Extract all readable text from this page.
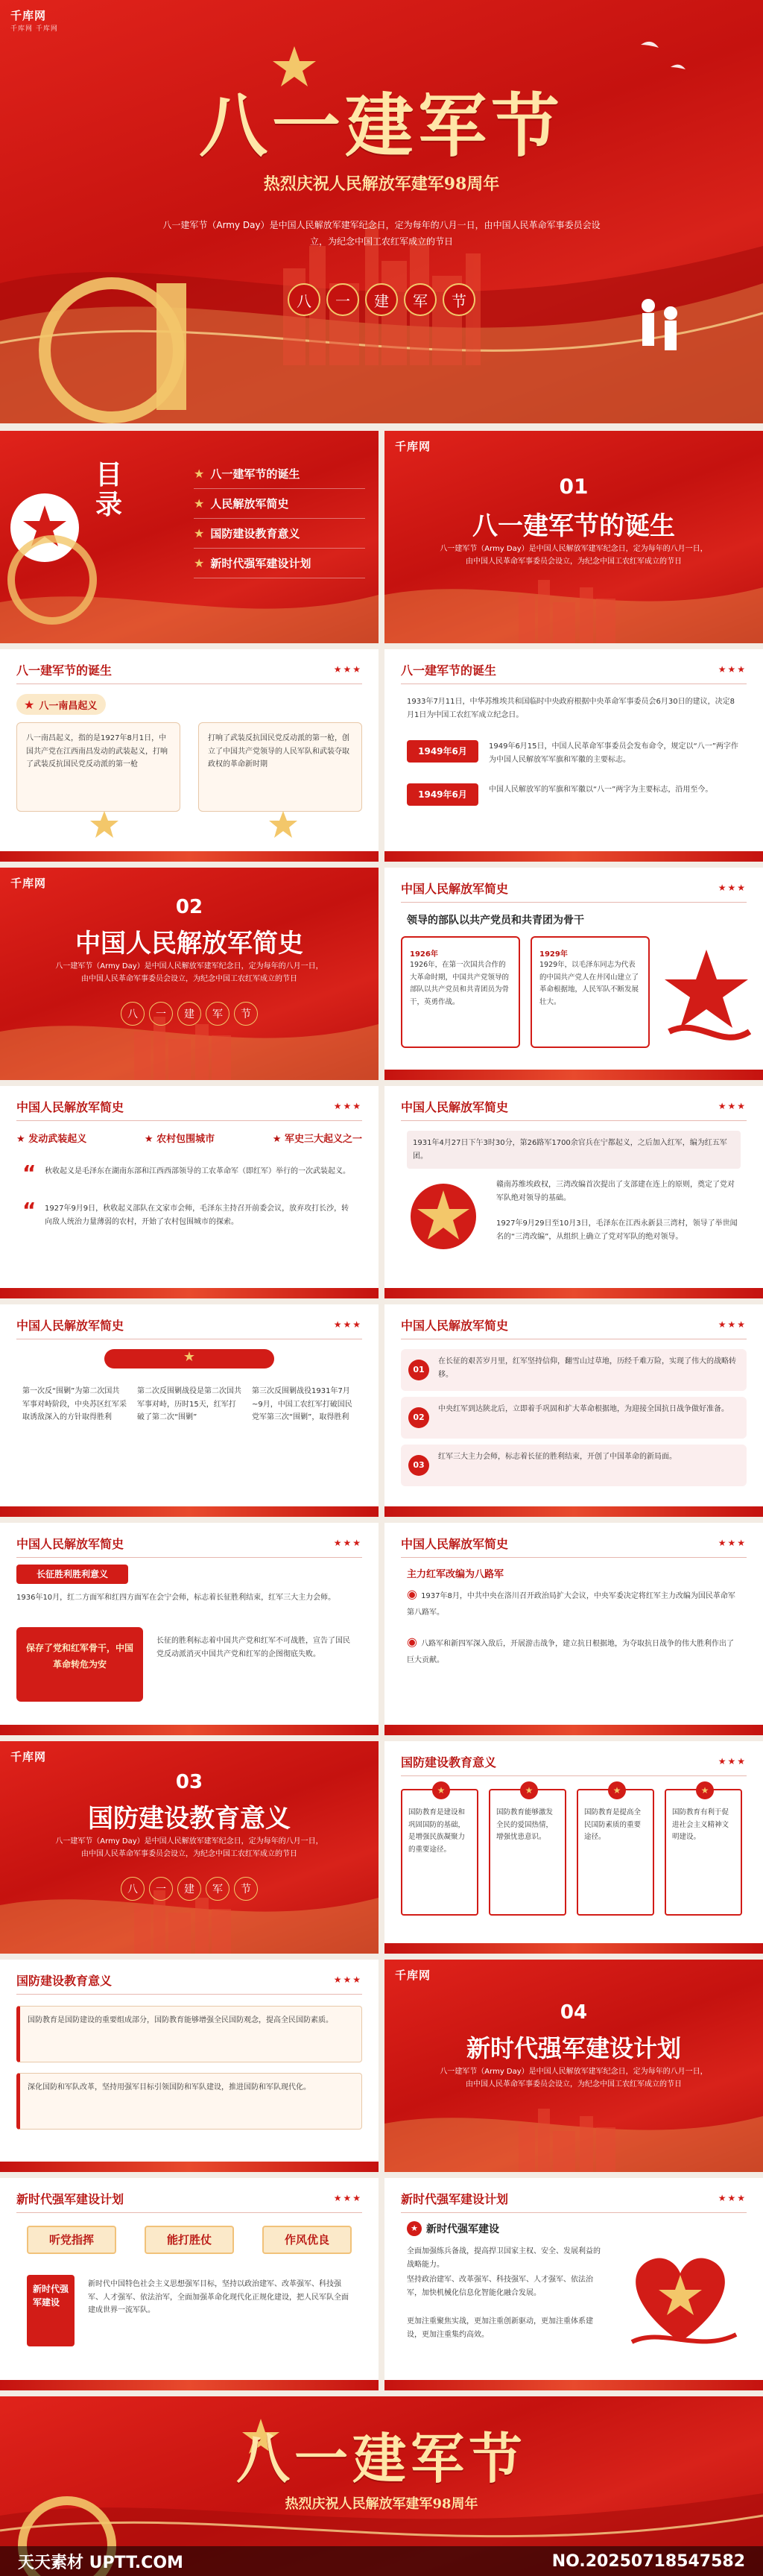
千库网
千库网 千库网
八一建军节
热烈庆祝人民解放军建军98周年
八一建军节（Army Day）是中国人民解放军建军纪念日，定为每年的八月一日，由中国人民革命军事委员会设立，为纪念中国工农红军成立的节日
八	一	建	军	节
目录
★ 八一建军节的诞生
★ 人民解放军简史
★ 国防建设教育意义
★ 新时代强军建设计划
千库网
01
八一建军节的诞生
八一建军节（Army Day）是中国人民解放军建军纪念日，定为每年的八月一日，由中国人民革命军事委员会设立，为纪念中国工农红军成立的节日
八一建军节的诞生	★★★
★ 八一南昌起义
八一南昌起义，指的是1927年8月1日，中国共产党在江西南昌发动的武装起义，打响了武装反抗国民党反动派的第一枪
打响了武装反抗国民党反动派的第一枪，创立了中国共产党领导的人民军队和武装夺取政权的革命新时期
八一建军节的诞生	★★★
1933年7月11日，中华苏维埃共和国临时中央政府根据中央革命军事委员会6月30日的建议，决定8月1日为中国工农红军成立纪念日。
1949年6月	1949年6月15日，中国人民革命军事委员会发布命令，规定以“八一”两字作为中国人民解放军军旗和军徽的主要标志。
1949年6月	中国人民解放军的军旗和军徽以“八一”两字为主要标志，沿用至今。
千库网
02
中国人民解放军简史
八一建军节（Army Day）是中国人民解放军建军纪念日，定为每年的八月一日，由中国人民革命军事委员会设立，为纪念中国工农红军成立的节日
八	一	建	军	节
中国人民解放军简史	★★★
领导的部队以共产党员和共青团为骨干
1926年
1926年，在第一次国共合作的大革命时期，中国共产党领导的部队以共产党员和共青团员为骨干，英勇作战。
1929年
1929年，以毛泽东同志为代表的中国共产党人在井冈山建立了革命根据地，人民军队不断发展壮大。
中国人民解放军简史	★★★
★ 发动武装起义	★ 农村包围城市	★ 军史三大起义之一
“ 秋收起义是毛泽东在湖南东部和江西西部领导的工农革命军（即红军）举行的一次武装起义。
“ 1927年9月9日，秋收起义部队在文家市会师，毛泽东主持召开前委会议，放弃攻打长沙，转向敌人统治力量薄弱的农村，开始了农村包围城市的探索。
中国人民解放军简史	★★★
1931年4月27日下午3时30分，第26路军1700余官兵在宁都起义，之后加入红军，编为红五军团。
赣南苏维埃政权，三湾改编首次提出了支部建在连上的原则，奠定了党对军队绝对领导的基础。
1927年9月29日至10月3日，毛泽东在江西永新县三湾村，领导了举世闻名的“三湾改编”，从组织上确立了党对军队的绝对领导。
中国人民解放军简史	★★★
★
第一次反“围剿”为第二次国共军事对峙阶段，中央苏区红军采取诱敌深入的方针取得胜利
第二次反围剿战役是第二次国共军事对峙，历时15天，红军打破了第二次“围剿”
第三次反围剿战役1931年7月~9月，中国工农红军打破国民党军第三次“围剿”，取得胜利
中国人民解放军简史	★★★
01
在长征的艰苦岁月里，红军坚持信仰，翻雪山过草地，历经千难万险，实现了伟大的战略转移。
02
中央红军到达陕北后，立即着手巩固和扩大革命根据地，为迎接全国抗日战争做好准备。
03
红军三大主力会师，标志着长征的胜利结束，开创了中国革命的新局面。
中国人民解放军简史	★★★
长征胜利胜利意义
1936年10月，红二方面军和红四方面军在会宁会师，标志着长征胜利结束，红军三大主力会师。
保存了党和红军骨干，中国革命转危为安
长征的胜利标志着中国共产党和红军不可战胜，宣告了国民党反动派消灭中国共产党和红军的企图彻底失败。
中国人民解放军简史	★★★
主力红军改编为八路军
◉ 1937年8月，中共中央在洛川召开政治局扩大会议，中央军委决定将红军主力改编为国民革命军第八路军。
◉ 八路军和新四军深入敌后，开展游击战争，建立抗日根据地，为夺取抗日战争的伟大胜利作出了巨大贡献。
千库网
03
国防建设教育意义
八一建军节（Army Day）是中国人民解放军建军纪念日，定为每年的八月一日，由中国人民革命军事委员会设立，为纪念中国工农红军成立的节日
八	一	建	军	节
国防建设教育意义	★★★
★
国防教育是建设和巩固国防的基础，是增强民族凝聚力的重要途径。
★
国防教育能够激发全民的爱国热情，增强忧患意识。
★
国防教育是提高全民国防素质的重要途径。
★
国防教育有利于促进社会主义精神文明建设。
国防建设教育意义	★★★
国防教育是国防建设的重要组成部分，国防教育能够增强全民国防观念，提高全民国防素质。
深化国防和军队改革，坚持用强军目标引领国防和军队建设，推进国防和军队现代化。
千库网
04
新时代强军建设计划
八一建军节（Army Day）是中国人民解放军建军纪念日，定为每年的八月一日，由中国人民革命军事委员会设立，为纪念中国工农红军成立的节日
新时代强军建设计划	★★★
听党指挥	能打胜仗	作风优良
新时代强军建设
新时代中国特色社会主义思想强军目标，坚持以政治建军、改革强军、科技强军、人才强军、依法治军，全面加强革命化现代化正规化建设，把人民军队全面建成世界一流军队。
新时代强军建设计划	★★★
★ 新时代强军建设
全面加强练兵备战，提高捍卫国家主权、安全、发展利益的战略能力。
坚持政治建军、改革强军、科技强军、人才强军、依法治军，加快机械化信息化智能化融合发展。
更加注重聚焦实战，更加注重创新驱动，更加注重体系建设，更加注重集约高效。
八一建军节
热烈庆祝人民解放军建军98周年
天天素材 UPTT.COM	NO.20250718547582
